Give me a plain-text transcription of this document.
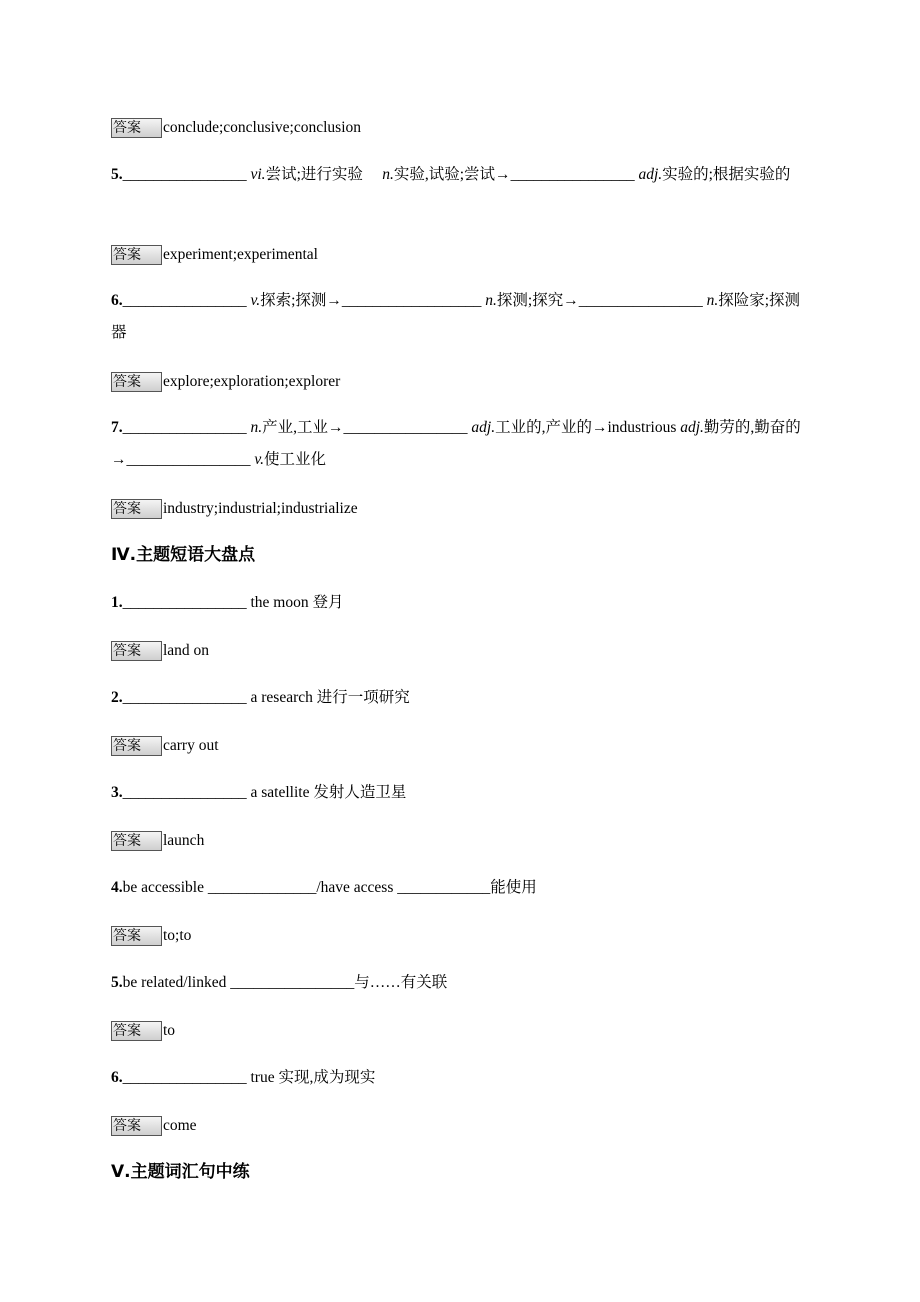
答案 conclude;conclusive;conclusion
5.________________ vi.尝试;进行实验　 n.实验,试验;尝试→________________ adj.实验的;根据实验的
答案 experiment;experimental
6.________________ v.探索;探测→__________________ n.探测;探究→________________ n.探险家;探测器
答案 explore;exploration;explorer
7.________________ n.产业,工业→________________ adj.工业的,产业的→industrious adj.勤劳的,勤奋的→________________ v.使工业化
答案 industry;industrial;industrialize
Ⅳ.主题短语大盘点
Ⅴ.主题词汇句中练
1.________________ the moon 登月
答案 land on
2.________________ a research 进行一项研究
答案 carry out
3.________________ a satellite 发射人造卫星
答案 launch
4.be accessible ______________/have access ____________能使用
答案 to;to
5.be related/linked ________________与……有关联
答案 to
6.________________ true 实现,成为现实
答案 come
